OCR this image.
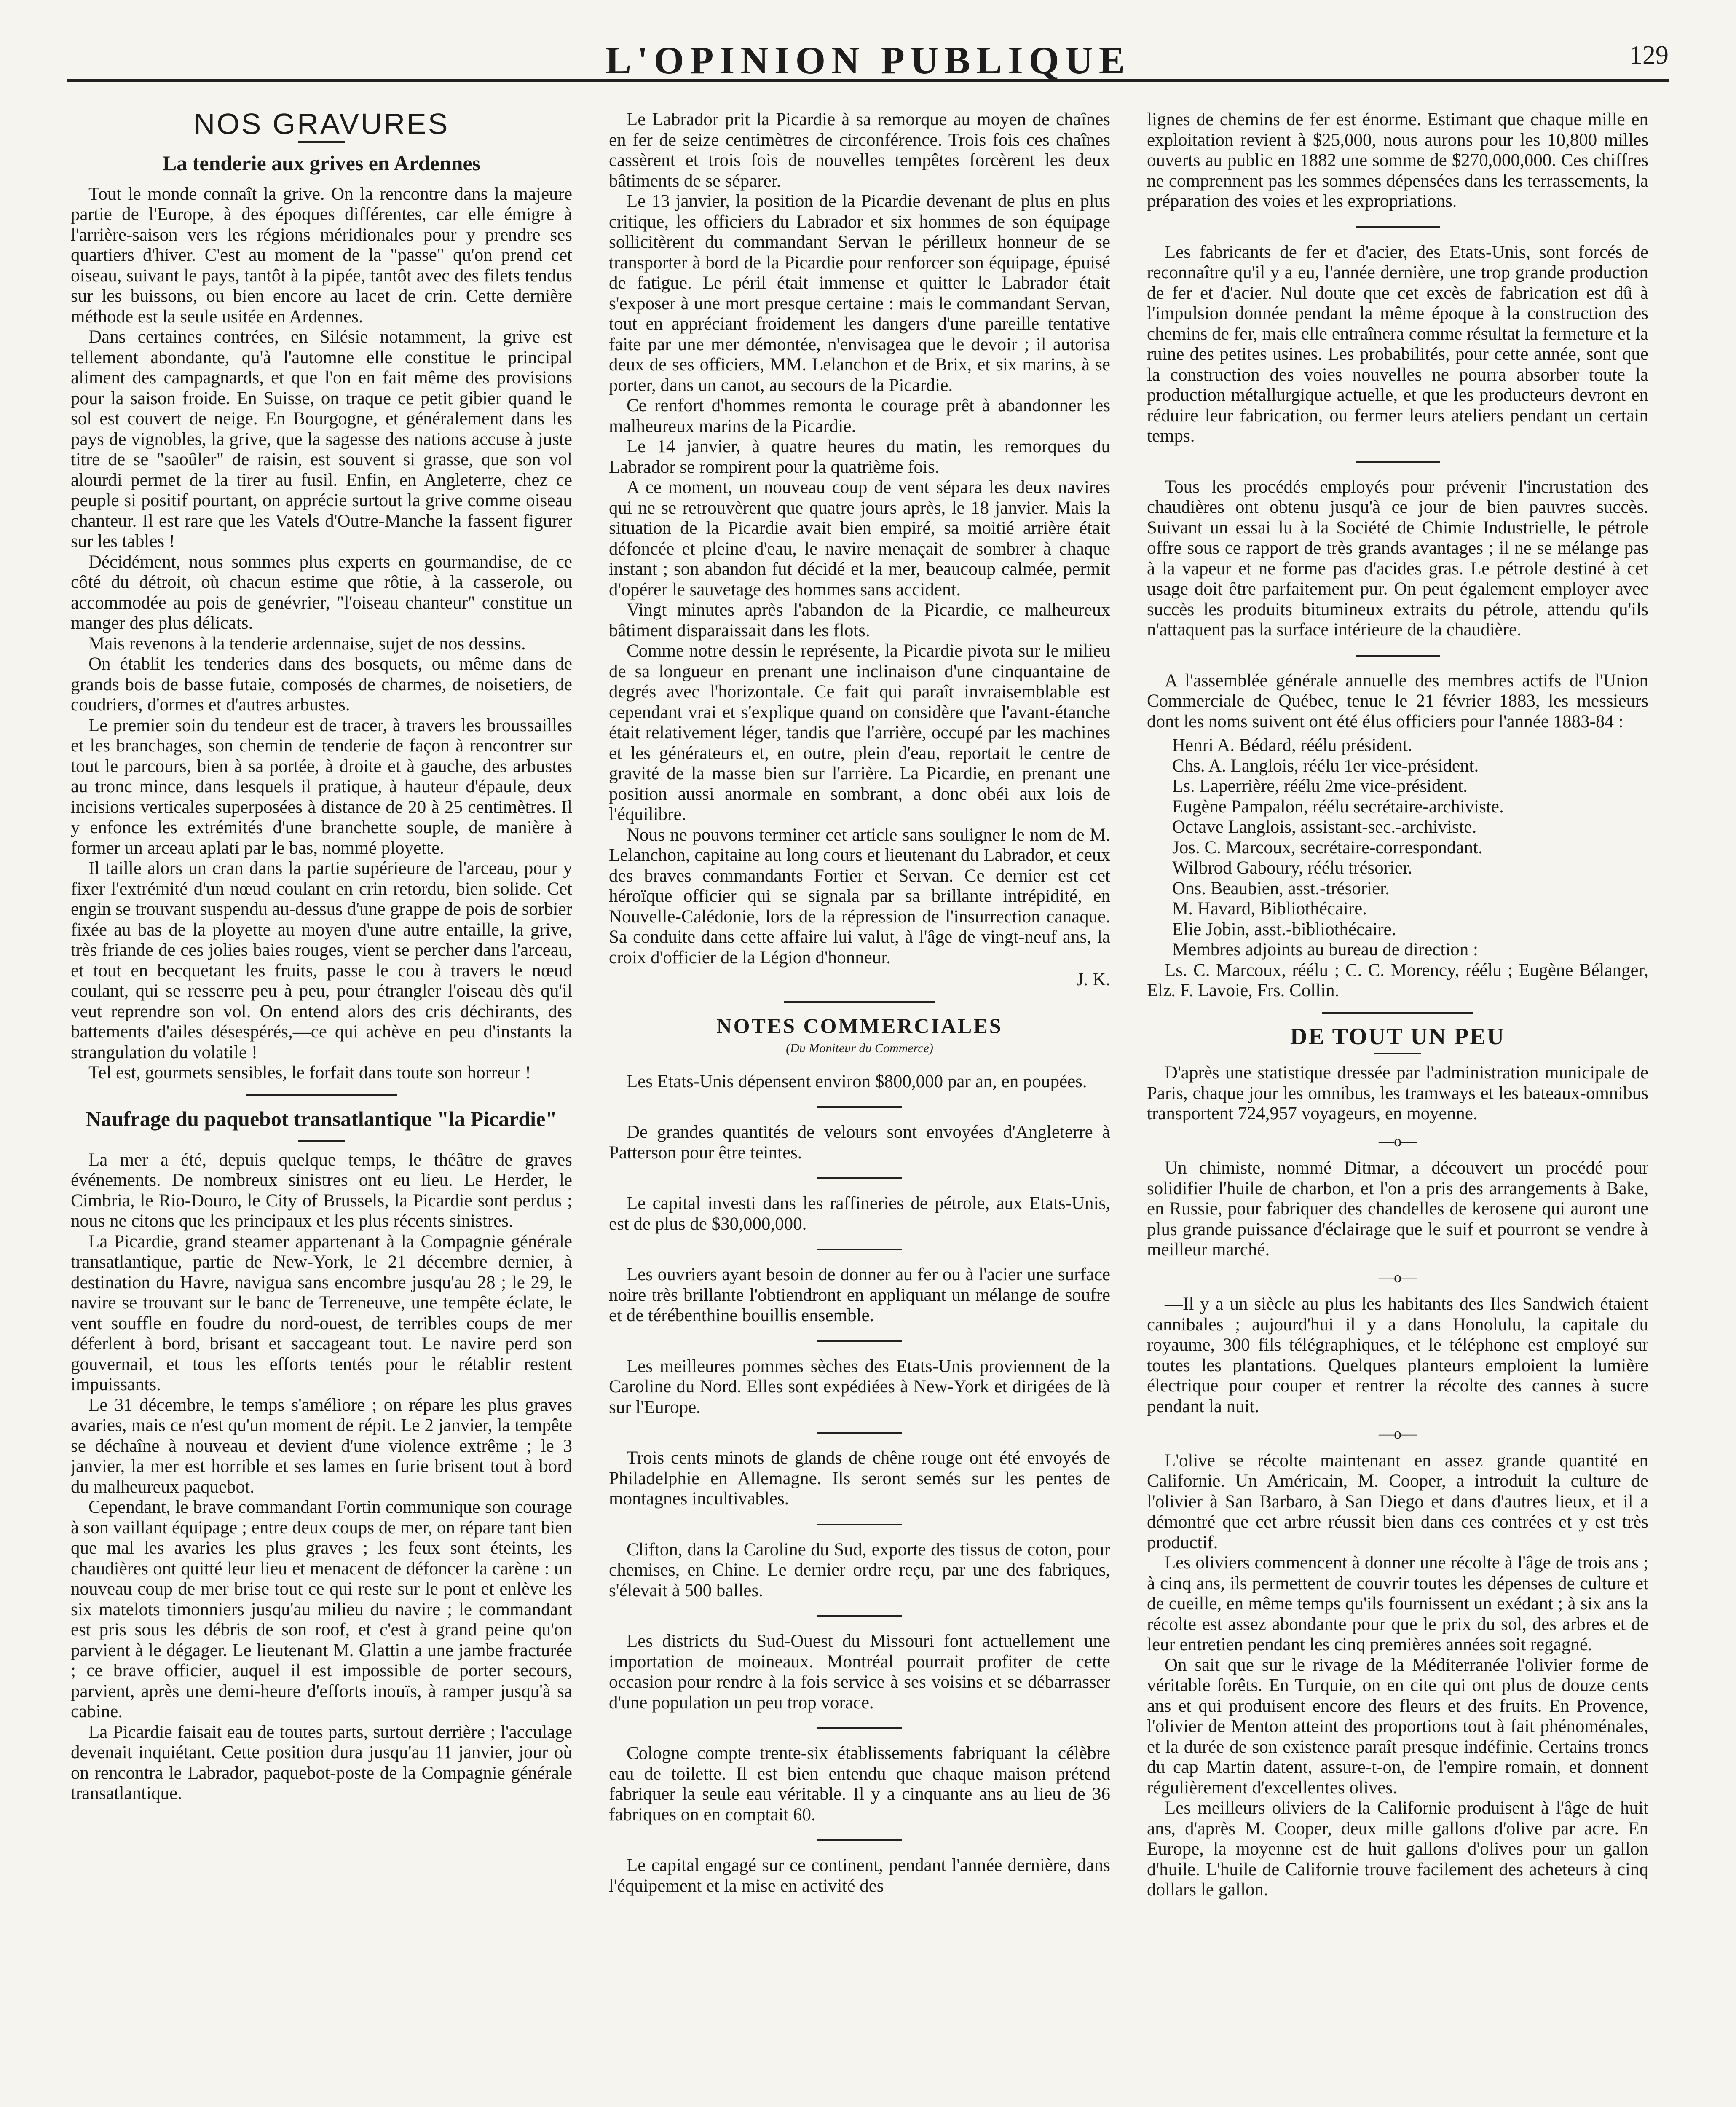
L'OPINION PUBLIQUE	129
NOS GRAVURES
La tenderie aux grives en Ardennes

Tout le monde connaît la grive. On la rencontre dans la majeure partie de l'Europe, à des époques différentes, car elle émigre à l'arrière-saison vers les régions méridionales pour y prendre ses quartiers d'hiver. C'est au moment de la "passe" qu'on prend cet oiseau, suivant le pays, tantôt à la pipée, tantôt avec des filets tendus sur les buissons, ou bien encore au lacet de crin. Cette dernière méthode est la seule usitée en Ardennes.

Dans certaines contrées, en Silésie notamment, la grive est tellement abondante, qu'à l'automne elle constitue le principal aliment des campagnards, et que l'on en fait même des provisions pour la saison froide. En Suisse, on traque ce petit gibier quand le sol est couvert de neige. En Bourgogne, et généralement dans les pays de vignobles, la grive, que la sagesse des nations accuse à juste titre de se "saoûler" de raisin, est souvent si grasse, que son vol alourdi permet de la tirer au fusil. Enfin, en Angleterre, chez ce peuple si positif pourtant, on apprécie surtout la grive comme oiseau chanteur. Il est rare que les Vatels d'Outre-Manche la fassent figurer sur les tables !

Décidément, nous sommes plus experts en gourmandise, de ce côté du détroit, où chacun estime que rôtie, à la casserole, ou accommodée au pois de genévrier, "l'oiseau chanteur" constitue un manger des plus délicats.

Mais revenons à la tenderie ardennaise, sujet de nos dessins.

On établit les tenderies dans des bosquets, ou même dans de grands bois de basse futaie, composés de charmes, de noisetiers, de coudriers, d'ormes et d'autres arbustes.

Le premier soin du tendeur est de tracer, à travers les broussailles et les branchages, son chemin de tenderie de façon à rencontrer sur tout le parcours, bien à sa portée, à droite et à gauche, des arbustes au tronc mince, dans lesquels il pratique, à hauteur d'épaule, deux incisions verticales superposées à distance de 20 à 25 centimètres. Il y enfonce les extrémités d'une branchette souple, de manière à former un arceau aplati par le bas, nommé ployette.

Il taille alors un cran dans la partie supérieure de l'arceau, pour y fixer l'extrémité d'un nœud coulant en crin retordu, bien solide. Cet engin se trouvant suspendu au-dessus d'une grappe de pois de sorbier fixée au bas de la ployette au moyen d'une autre entaille, la grive, très friande de ces jolies baies rouges, vient se percher dans l'arceau, et tout en becquetant les fruits, passe le cou à travers le nœud coulant, qui se resserre peu à peu, pour étrangler l'oiseau dès qu'il veut reprendre son vol. On entend alors des cris déchirants, des battements d'ailes désespérés,—ce qui achève en peu d'instants la strangulation du volatile !

Tel est, gourmets sensibles, le forfait dans toute son horreur !

Naufrage du paquebot transatlantique "la Picardie"

La mer a été, depuis quelque temps, le théâtre de graves événements. De nombreux sinistres ont eu lieu. Le Herder, le Cimbria, le Rio-Douro, le City of Brussels, la Picardie sont perdus ; nous ne citons que les principaux et les plus récents sinistres.

La Picardie, grand steamer appartenant à la Compagnie générale transatlantique, partie de New-York, le 21 décembre dernier, à destination du Havre, navigua sans encombre jusqu'au 28 ; le 29, le navire se trouvant sur le banc de Terreneuve, une tempête éclate, le vent souffle en foudre du nord-ouest, de terribles coups de mer déferlent à bord, brisant et saccageant tout. Le navire perd son gouvernail, et tous les efforts tentés pour le rétablir restent impuissants.

Le 31 décembre, le temps s'améliore ; on répare les plus graves avaries, mais ce n'est qu'un moment de répit. Le 2 janvier, la tempête se déchaîne à nouveau et devient d'une violence extrême ; le 3 janvier, la mer est horrible et ses lames en furie brisent tout à bord du malheureux paquebot.

Cependant, le brave commandant Fortin communique son courage à son vaillant équipage ; entre deux coups de mer, on répare tant bien que mal les avaries les plus graves ; les feux sont éteints, les chaudières ont quitté leur lieu et menacent de défoncer la carène : un nouveau coup de mer brise tout ce qui reste sur le pont et enlève les six matelots timonniers jusqu'au milieu du navire ; le commandant est pris sous les débris de son roof, et c'est à grand peine qu'on parvient à le dégager. Le lieutenant M. Glattin a une jambe fracturée ; ce brave officier, auquel il est impossible de porter secours, parvient, après une demi-heure d'efforts inouïs, à ramper jusqu'à sa cabine.

La Picardie faisait eau de toutes parts, surtout derrière ; l'acculage devenait inquiétant. Cette position dura jusqu'au 11 janvier, jour où on rencontra le Labrador, paquebot-poste de la Compagnie générale transatlantique.

Le Labrador prit la Picardie à sa remorque au moyen de chaînes en fer de seize centimètres de circonférence. Trois fois ces chaînes cassèrent et trois fois de nouvelles tempêtes forcèrent les deux bâtiments de se séparer.

Le 13 janvier, la position de la Picardie devenant de plus en plus critique, les officiers du Labrador et six hommes de son équipage sollicitèrent du commandant Servan le périlleux honneur de se transporter à bord de la Picardie pour renforcer son équipage, épuisé de fatigue. Le péril était immense et quitter le Labrador était s'exposer à une mort presque certaine : mais le commandant Servan, tout en appréciant froidement les dangers d'une pareille tentative faite par une mer démontée, n'envisagea que le devoir ; il autorisa deux de ses officiers, MM. Lelanchon et de Brix, et six marins, à se porter, dans un canot, au secours de la Picardie.

Ce renfort d'hommes remonta le courage prêt à abandonner les malheureux marins de la Picardie.

Le 14 janvier, à quatre heures du matin, les remorques du Labrador se rompirent pour la quatrième fois.

A ce moment, un nouveau coup de vent sépara les deux navires qui ne se retrouvèrent que quatre jours après, le 18 janvier. Mais la situation de la Picardie avait bien empiré, sa moitié arrière était défoncée et pleine d'eau, le navire menaçait de sombrer à chaque instant ; son abandon fut décidé et la mer, beaucoup calmée, permit d'opérer le sauvetage des hommes sans accident.

Vingt minutes après l'abandon de la Picardie, ce malheureux bâtiment disparaissait dans les flots.

Comme notre dessin le représente, la Picardie pivota sur le milieu de sa longueur en prenant une inclinaison d'une cinquantaine de degrés avec l'horizontale. Ce fait qui paraît invraisemblable est cependant vrai et s'explique quand on considère que l'avant-étanche était relativement léger, tandis que l'arrière, occupé par les machines et les générateurs et, en outre, plein d'eau, reportait le centre de gravité de la masse bien sur l'arrière. La Picardie, en prenant une position aussi anormale en sombrant, a donc obéi aux lois de l'équilibre.

Nous ne pouvons terminer cet article sans souligner le nom de M. Lelanchon, capitaine au long cours et lieutenant du Labrador, et ceux des braves commandants Fortier et Servan. Ce dernier est cet héroïque officier qui se signala par sa brillante intrépidité, en Nouvelle-Calédonie, lors de la répression de l'insurrection canaque. Sa conduite dans cette affaire lui valut, à l'âge de vingt-neuf ans, la croix d'officier de la Légion d'honneur.

J. K.
NOTES COMMERCIALES
(Du Moniteur du Commerce)

Les Etats-Unis dépensent environ $800,000 par an, en poupées.

De grandes quantités de velours sont envoyées d'Angleterre à Patterson pour être teintes.

Le capital investi dans les raffineries de pétrole, aux Etats-Unis, est de plus de $30,000,000.

Les ouvriers ayant besoin de donner au fer ou à l'acier une surface noire très brillante l'obtiendront en appliquant un mélange de soufre et de térébenthine bouillis ensemble.

Les meilleures pommes sèches des Etats-Unis proviennent de la Caroline du Nord. Elles sont expédiées à New-York et dirigées de là sur l'Europe.

Trois cents minots de glands de chêne rouge ont été envoyés de Philadelphie en Allemagne. Ils seront semés sur les pentes de montagnes incultivables.

Clifton, dans la Caroline du Sud, exporte des tissus de coton, pour chemises, en Chine. Le dernier ordre reçu, par une des fabriques, s'élevait à 500 balles.

Les districts du Sud-Ouest du Missouri font actuellement une importation de moineaux. Montréal pourrait profiter de cette occasion pour rendre à la fois service à ses voisins et se débarrasser d'une population un peu trop vorace.

Cologne compte trente-six établissements fabriquant la célèbre eau de toilette. Il est bien entendu que chaque maison prétend fabriquer la seule eau véritable. Il y a cinquante ans au lieu de 36 fabriques on en comptait 60.

Le capital engagé sur ce continent, pendant l'année dernière, dans l'équipement et la mise en activité des

lignes de chemins de fer est énorme. Estimant que chaque mille en exploitation revient à $25,000, nous aurons pour les 10,800 milles ouverts au public en 1882 une somme de $270,000,000. Ces chiffres ne comprennent pas les sommes dépensées dans les terrassements, la préparation des voies et les expropriations.

Les fabricants de fer et d'acier, des Etats-Unis, sont forcés de reconnaître qu'il y a eu, l'année dernière, une trop grande production de fer et d'acier. Nul doute que cet excès de fabrication est dû à l'impulsion donnée pendant la même époque à la construction des chemins de fer, mais elle entraînera comme résultat la fermeture et la ruine des petites usines. Les probabilités, pour cette année, sont que la construction des voies nouvelles ne pourra absorber toute la production métallurgique actuelle, et que les producteurs devront en réduire leur fabrication, ou fermer leurs ateliers pendant un certain temps.

Tous les procédés employés pour prévenir l'incrustation des chaudières ont obtenu jusqu'à ce jour de bien pauvres succès. Suivant un essai lu à la Société de Chimie Industrielle, le pétrole offre sous ce rapport de très grands avantages ; il ne se mélange pas à la vapeur et ne forme pas d'acides gras. Le pétrole destiné à cet usage doit être parfaitement pur. On peut également employer avec succès les produits bitumineux extraits du pétrole, attendu qu'ils n'attaquent pas la surface intérieure de la chaudière.

A l'assemblée générale annuelle des membres actifs de l'Union Commerciale de Québec, tenue le 21 février 1883, les messieurs dont les noms suivent ont été élus officiers pour l'année 1883-84 :

Henri A. Bédard, réélu président.
Chs. A. Langlois, réélu 1er vice-président.
Ls. Laperrière, réélu 2me vice-président.
Eugène Pampalon, réélu secrétaire-archiviste.
Octave Langlois, assistant-sec.-archiviste.
Jos. C. Marcoux, secrétaire-correspondant.
Wilbrod Gaboury, réélu trésorier.
Ons. Beaubien, asst.-trésorier.
M. Havard, Bibliothécaire.
Elie Jobin, asst.-bibliothécaire.
Membres adjoints au bureau de direction :

Ls. C. Marcoux, réélu ; C. C. Morency, réélu ; Eugène Bélanger, Elz. F. Lavoie, Frs. Collin.

DE TOUT UN PEU

D'après une statistique dressée par l'administration municipale de Paris, chaque jour les omnibus, les tramways et les bateaux-omnibus transportent 724,957 voyageurs, en moyenne.

—o—

Un chimiste, nommé Ditmar, a découvert un procédé pour solidifier l'huile de charbon, et l'on a pris des arrangements à Bake, en Russie, pour fabriquer des chandelles de kerosene qui auront une plus grande puissance d'éclairage que le suif et pourront se vendre à meilleur marché.

—o—

—Il y a un siècle au plus les habitants des Iles Sandwich étaient cannibales ; aujourd'hui il y a dans Honolulu, la capitale du royaume, 300 fils télégraphiques, et le téléphone est employé sur toutes les plantations. Quelques planteurs emploient la lumière électrique pour couper et rentrer la récolte des cannes à sucre pendant la nuit.

—o—

L'olive se récolte maintenant en assez grande quantité en Californie. Un Américain, M. Cooper, a introduit la culture de l'olivier à San Barbaro, à San Diego et dans d'autres lieux, et il a démontré que cet arbre réussit bien dans ces contrées et y est très productif.

Les oliviers commencent à donner une récolte à l'âge de trois ans ; à cinq ans, ils permettent de couvrir toutes les dépenses de culture et de cueille, en même temps qu'ils fournissent un exédant ; à six ans la récolte est assez abondante pour que le prix du sol, des arbres et de leur entretien pendant les cinq premières années soit regagné.

On sait que sur le rivage de la Méditerranée l'olivier forme de véritable forêts. En Turquie, on en cite qui ont plus de douze cents ans et qui produisent encore des fleurs et des fruits. En Provence, l'olivier de Menton atteint des proportions tout à fait phénoménales, et la durée de son existence paraît presque indéfinie. Certains troncs du cap Martin datent, assure-t-on, de l'empire romain, et donnent régulièrement d'excellentes olives.

Les meilleurs oliviers de la Californie produisent à l'âge de huit ans, d'après M. Cooper, deux mille gallons d'olive par acre. En Europe, la moyenne est de huit gallons d'olives pour un gallon d'huile. L'huile de Californie trouve facilement des acheteurs à cinq dollars le gallon.
